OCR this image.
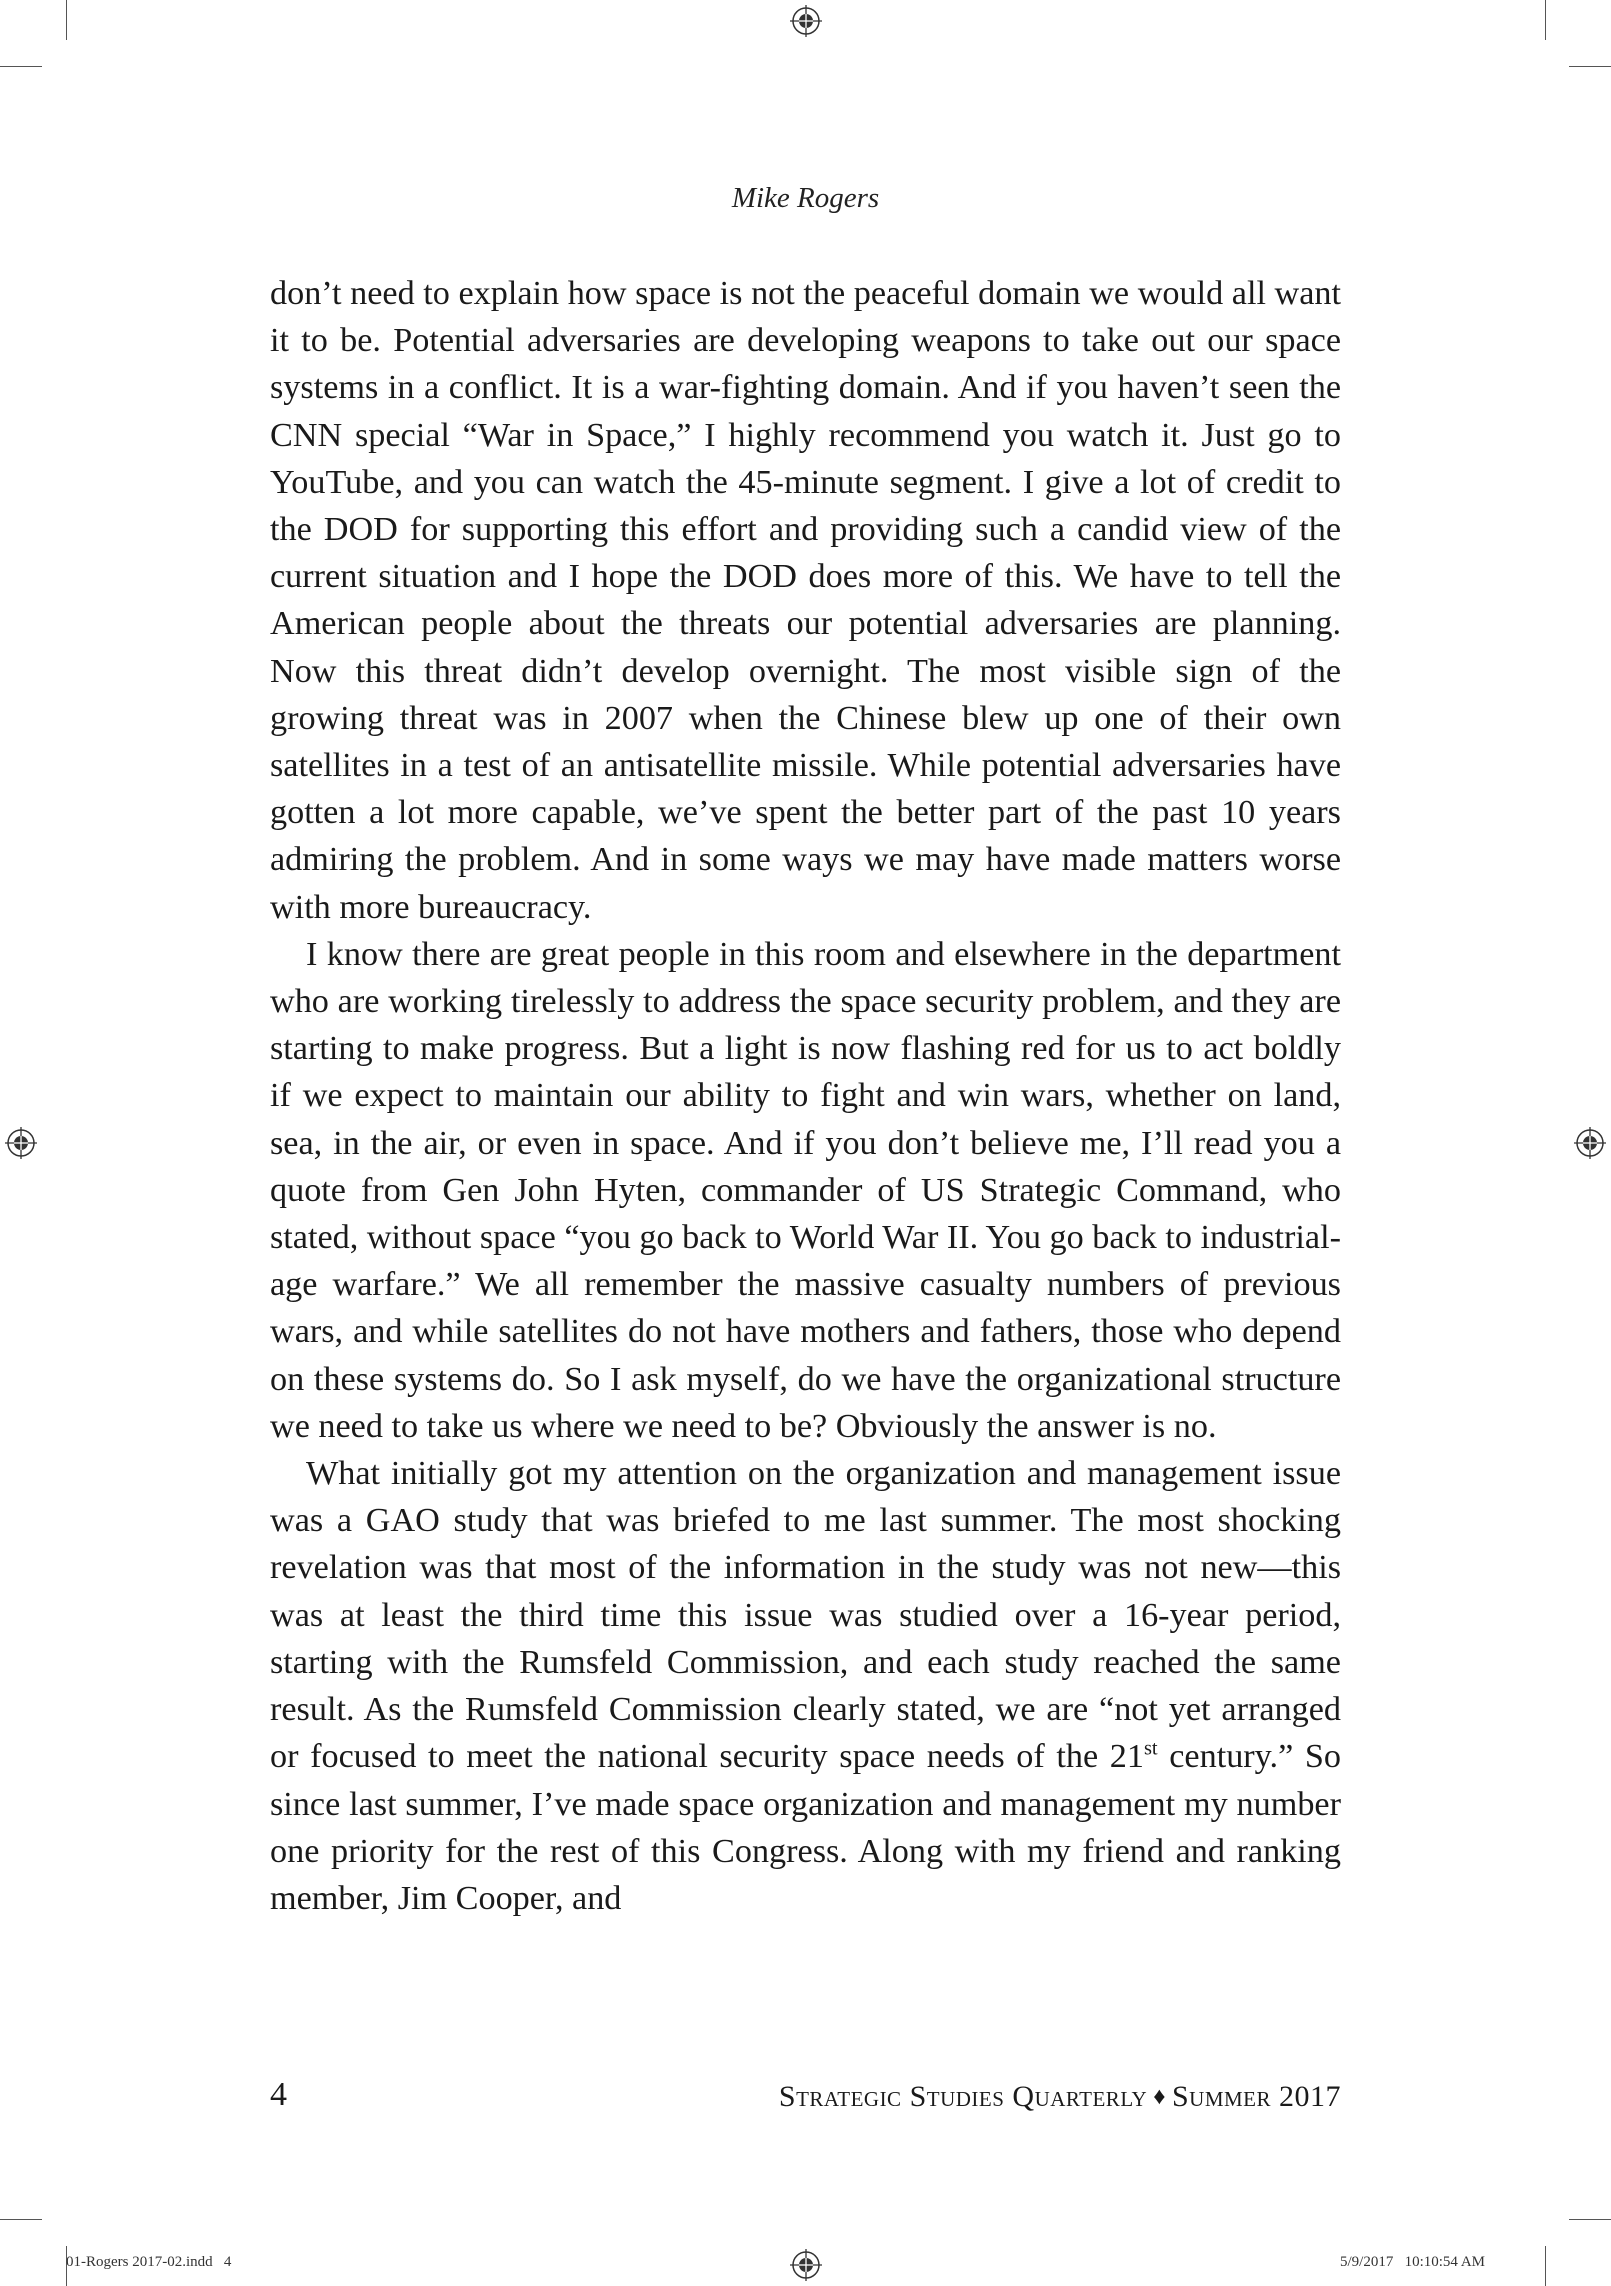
Mike Rogers

don’t need to explain how space is not the peaceful domain we would all want it to be. Potential adversaries are developing weapons to take out our space systems in a conflict. It is a war-fighting domain. And if you haven’t seen the CNN special “War in Space,” I highly recommend you watch it. Just go to YouTube, and you can watch the 45-minute segment. I give a lot of credit to the DOD for supporting this effort and providing such a candid view of the current situation and I hope the DOD does more of this. We have to tell the American people about the threats our potential adversaries are planning. Now this threat didn’t develop overnight. The most visible sign of the growing threat was in 2007 when the Chinese blew up one of their own satellites in a test of an antisatellite missile. While potential adversaries have gotten a lot more capable, we’ve spent the better part of the past 10 years admiring the problem. And in some ways we may have made matters worse with more bureaucracy.

I know there are great people in this room and elsewhere in the department who are working tirelessly to address the space security problem, and they are starting to make progress. But a light is now flashing red for us to act boldly if we expect to maintain our ability to fight and win wars, whether on land, sea, in the air, or even in space. And if you don’t believe me, I’ll read you a quote from Gen John Hyten, commander of US Strategic Command, who stated, without space “you go back to World War II. You go back to industrial-age warfare.” We all remember the massive casualty numbers of previous wars, and while satellites do not have mothers and fathers, those who depend on these systems do. So I ask myself, do we have the organizational structure we need to take us where we need to be? Obviously the answer is no.

What initially got my attention on the organization and management issue was a GAO study that was briefed to me last summer. The most shocking revelation was that most of the information in the study was not new—this was at least the third time this issue was studied over a 16-year period, starting with the Rumsfeld Commission, and each study reached the same result. As the Rumsfeld Commission clearly stated, we are “not yet arranged or focused to meet the national security space needs of the 21st century.” So since last summer, I’ve made space organization and management my number one priority for the rest of this Congress. Along with my friend and ranking member, Jim Cooper, and

4	Strategic Studies Quarterly ♦ Summer 2017
01-Rogers 2017-02.indd   4	5/9/2017   10:10:54 AM
